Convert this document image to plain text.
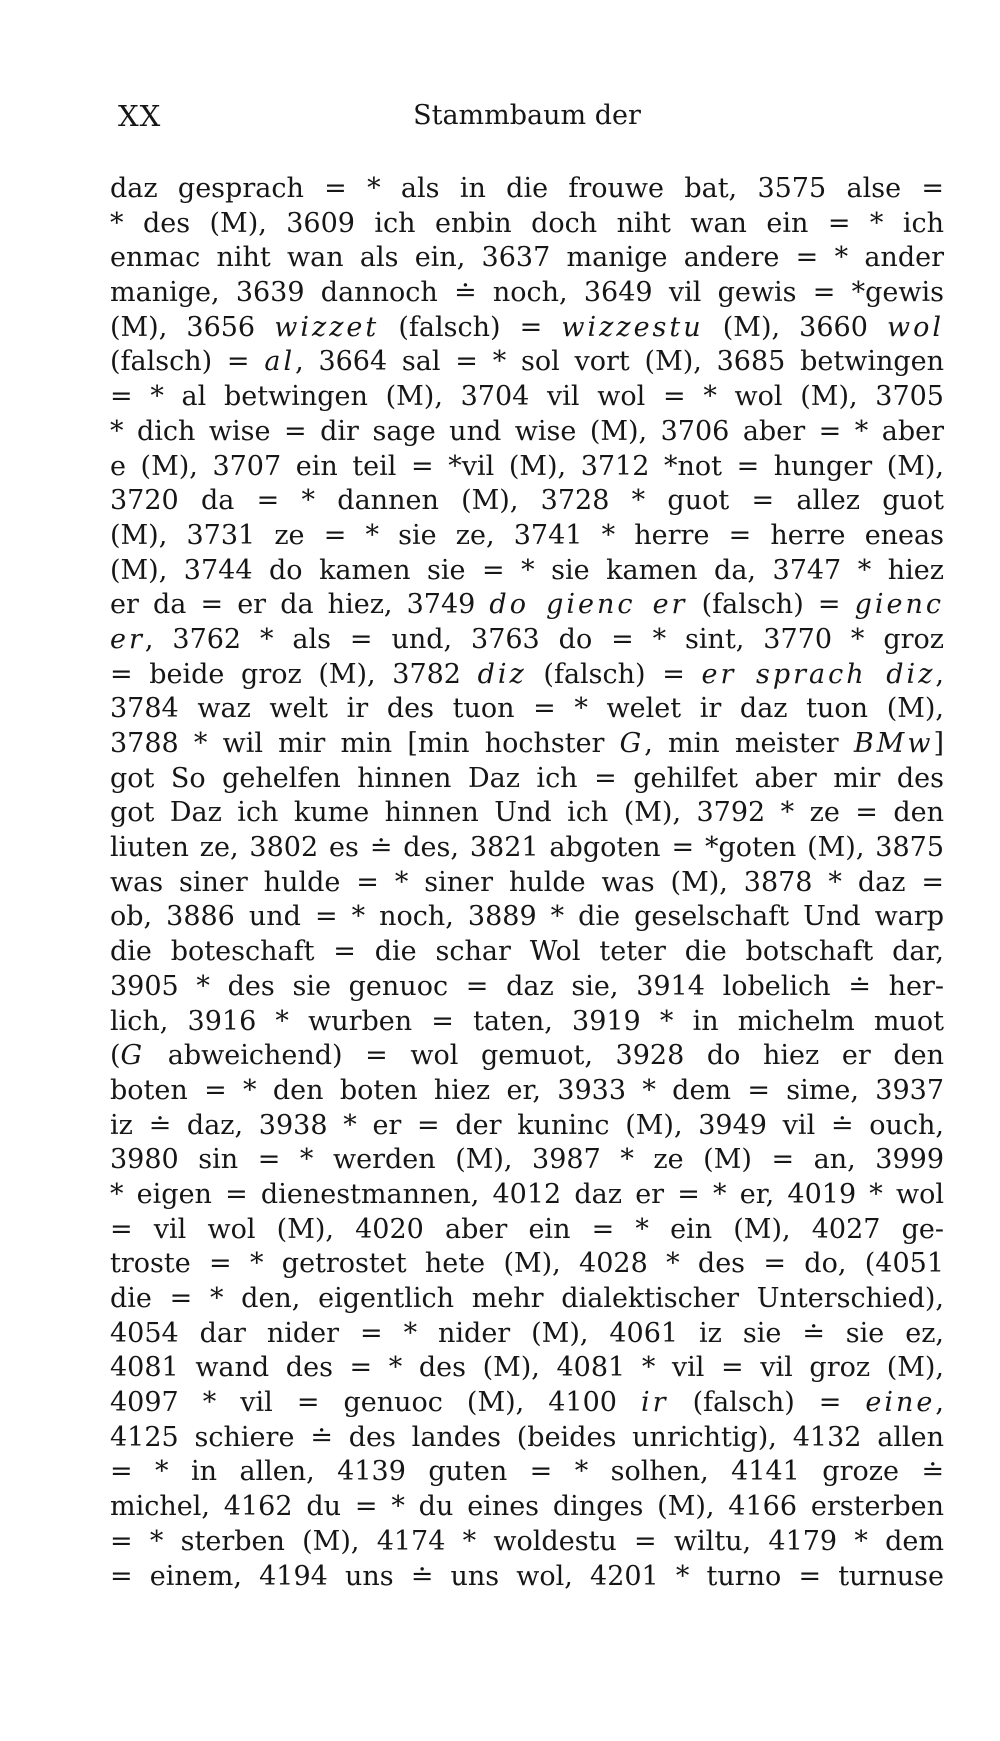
XX	Stammbaum der
daz gesprach = * als in die frouwe bat, 3575 alse =
* des (M), 3609 ich enbin doch niht wan ein = * ich
enmac niht wan als ein, 3637 manige andere = * ander
manige, 3639 dannoch ≐ noch, 3649 vil gewis = *gewis
(M), 3656 wizzet (falsch) = wizzestu (M), 3660 wol
(falsch) = al, 3664 sal = * sol vort (M), 3685 betwingen
= * al betwingen (M), 3704 vil wol = * wol (M), 3705
* dich wise = dir sage und wise (M), 3706 aber = * aber
e (M), 3707 ein teil = *vil (M), 3712 *not = hunger (M),
3720 da = * dannen (M), 3728 * guot = allez guot
(M), 3731 ze = * sie ze, 3741 * herre = herre eneas
(M), 3744 do kamen sie = * sie kamen da, 3747 * hiez
er da = er da hiez, 3749 do gienc er (falsch) = gienc
er, 3762 * als = und, 3763 do = * sint, 3770 * groz
= beide groz (M), 3782 diz (falsch) = er sprach diz,
3784 waz welt ir des tuon = * welet ir daz tuon (M),
3788 * wil mir min [min hochster G, min meister BMw]
got So gehelfen hinnen Daz ich = gehilfet aber mir des
got Daz ich kume hinnen Und ich (M), 3792 * ze = den
liuten ze, 3802 es ≐ des, 3821 abgoten = *goten (M), 3875
was siner hulde = * siner hulde was (M), 3878 * daz =
ob, 3886 und = * noch, 3889 * die geselschaft Und warp
die boteschaft = die schar Wol teter die botschaft dar,
3905 * des sie genuoc = daz sie, 3914 lobelich ≐ her-
lich, 3916 * wurben = taten, 3919 * in michelm muot
(G abweichend) = wol gemuot, 3928 do hiez er den
boten = * den boten hiez er, 3933 * dem = sime, 3937
iz ≐ daz, 3938 * er = der kuninc (M), 3949 vil ≐ ouch,
3980 sin = * werden (M), 3987 * ze (M) = an, 3999
* eigen = dienestmannen, 4012 daz er = * er, 4019 * wol
= vil wol (M), 4020 aber ein = * ein (M), 4027 ge-
troste = * getrostet hete (M), 4028 * des = do, (4051
die = * den, eigentlich mehr dialektischer Unterschied),
4054 dar nider = * nider (M), 4061 iz sie ≐ sie ez,
4081 wand des = * des (M), 4081 * vil = vil groz (M),
4097 * vil = genuoc (M), 4100 ir (falsch) = eine,
4125 schiere ≐ des landes (beides unrichtig), 4132 allen
= * in allen, 4139 guten = * solhen, 4141 groze ≐
michel, 4162 du = * du eines dinges (M), 4166 ersterben
= * sterben (M), 4174 * woldestu = wiltu, 4179 * dem
= einem, 4194 uns ≐ uns wol, 4201 * turno = turnuse
